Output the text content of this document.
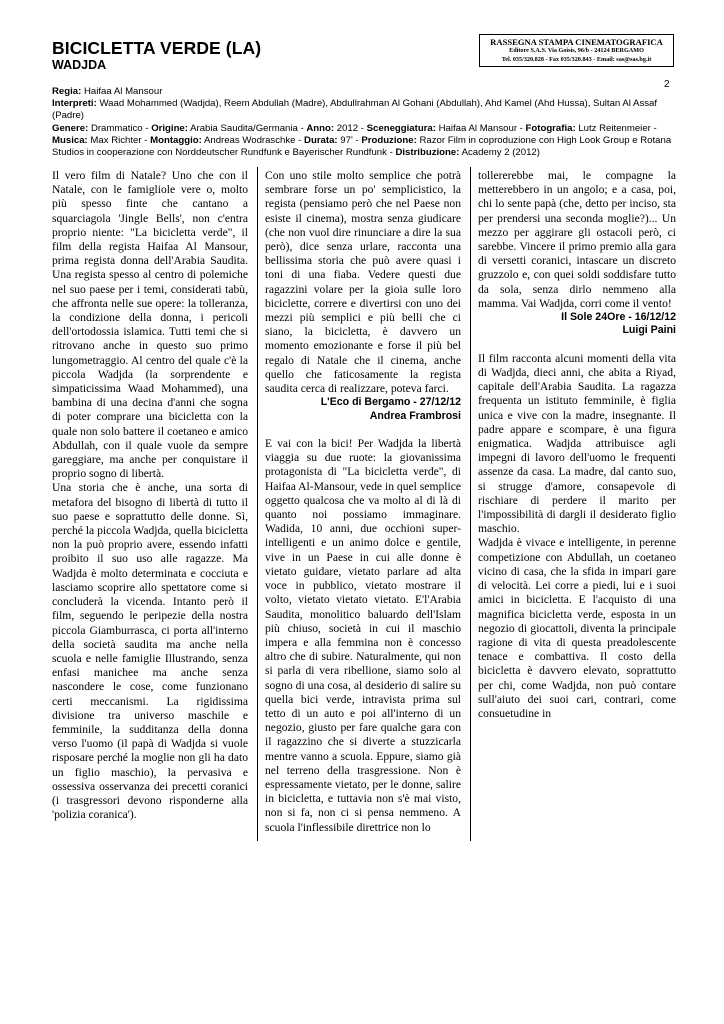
BICICLETTA VERDE (LA)
WADJDA
RASSEGNA STAMPA CINEMATOGRAFICA
Editore S.A.S. Via Goisis, 96/b - 24124 BERGAMO
Tel. 035/320.828 - Fax 035/320.843 - Email: sas@sas.bg.it
2
Regia: Haifaa Al Mansour
Interpreti: Waad Mohammed (Wadjda), Reem Abdullah (Madre), Abdullrahman Al Gohani (Abdullah), Ahd Kamel (Ahd Hussa), Sultan Al Assaf (Padre)
Genere: Drammatico - Origine: Arabia Saudita/Germania - Anno: 2012 - Sceneggiatura: Haifaa Al Mansour - Fotografia: Lutz Reitenmeier -
Musica: Max Richter - Montaggio: Andreas Wodraschke - Durata: 97' - Produzione: Razor Film in coproduzione con High Look Group e Rotana Studios in cooperazione con Norddeutscher Rundfunk e Bayerischer Rundfunk - Distribuzione: Academy 2 (2012)

Il vero film di Natale? Uno che con il Natale, con le famigliole vere o, molto più spesso finte che cantano a squarciagola 'Jingle Bells', non c'entra proprio niente: "La bicicletta verde", il film della regista Haifaa Al Mansour, prima regista donna dell'Arabia Saudita. Una regista spesso al centro di polemiche nel suo paese per i temi, considerati tabù, che affronta nelle sue opere: la tolleranza, la condizione della donna, i pericoli dell'ortodossia islamica. Tutti temi che si ritrovano anche in questo suo primo lungometraggio. Al centro del quale c'è la piccola Wadjda (la sorprendente e simpaticissima Waad Mohammed), una bambina di una decina d'anni che sogna di poter comprare una bicicletta con la quale non solo battere il coetaneo e amico Abdullah, con il quale vuole da sempre gareggiare, ma anche per conquistare il proprio sogno di libertà.

Una storia che è anche, una sorta di metafora del bisogno di libertà di tutto il suo paese e soprattutto delle donne. Sì, perché la piccola Wadjda, quella bicicletta non la può proprio avere, essendo infatti proibito il suo uso alle ragazze. Ma Wadjda è molto determinata e cocciuta e lasciamo scoprire allo spettatore come si concluderà la vicenda. Intanto però il film, seguendo le peripezie della nostra piccola Giamburrasca, ci porta all'interno della società saudita ma anche nella scuola e nelle famiglie Illustrando, senza enfasi manichee ma anche senza nascondere le cose, come funzionano certi meccanismi. La rigidissima divisione tra universo maschile e femminile, la sudditanza della donna verso l'uomo (il papà di Wadjda si vuole risposare perché la moglie non gli ha dato un figlio maschio), la pervasiva e ossessiva osservanza dei precetti coranici (i trasgressori devono risponderne alla 'polizia coranica').

Con uno stile molto semplice che potrà sembrare forse un po' semplicistico, la regista (pensiamo però che nel Paese non esiste il cinema), mostra senza giudicare (che non vuol dire rinunciare a dire la sua però), dice senza urlare, racconta una bellissima storia che può avere quasi i toni di una fiaba. Vedere questi due ragazzini volare per la gioia sulle loro biciclette, correre e divertirsi con uno dei mezzi più semplici e più belli che ci siano, la bicicletta, è davvero un momento emozionante e forse il più bel regalo di Natale che il cinema, anche quello che faticosamente la regista saudita cerca di realizzare, poteva farci.

L'Eco di Bergamo - 27/12/12
Andrea Frambrosi

E vai con la bici! Per Wadjda la libertà viaggia su due ruote: la giovanissima protagonista di "La bicicletta verde", di Haifaa Al-Mansour, vede in quel semplice oggetto qualcosa che va molto al di là di quanto noi possiamo immaginare. Wadida, 10 anni, due occhioni super-intelligenti e un animo dolce e gentile, vive in un Paese in cui alle donne è vietato guidare, vietato parlare ad alta voce in pubblico, vietato mostrare il volto, vietato vietato vietato. E'l'Arabia Saudita, monolitico baluardo dell'Islam più chiuso, società in cui il maschio impera e alla femmina non è concesso altro che di subire. Naturalmente, qui non si parla di vera ribellione, siamo solo al sogno di una cosa, al desiderio di salire su quella bici verde, intravista prima sul tetto di un auto e poi all'interno di un negozio, giusto per fare qualche gara con il ragazzino che si diverte a stuzzicarla mentre vanno a scuola. Eppure, siamo già nel terreno della trasgressione. Non è espressamente vietato, per le donne, salire in bicicletta, e tuttavia non s'è mai visto, non si fa, non ci si pensa nemmeno. A scuola l'inflessibile direttrice non lo

tollererebbe mai, le compagne la metterebbero in un angolo; e a casa, poi, chi lo sente papà (che, detto per inciso, sta per prendersi una seconda moglie?)... Un mezzo per aggirare gli ostacoli però, ci sarebbe. Vincere il primo premio alla gara di versetti coranici, intascare un discreto gruzzolo e, con quei soldi soddisfare tutto da sola, senza dirlo nemmeno alla mamma. Vai Wadjda, corri come il vento!

Il Sole 24Ore - 16/12/12
Luigi Paini

Il film racconta alcuni momenti della vita di Wadjda, dieci anni, che abita a Riyad, capitale dell'Arabia Saudita. La ragazza frequenta un istituto femminile, è figlia unica e vive con la madre, insegnante. Il padre appare e scompare, è una figura enigmatica. Wadjda attribuisce agli impegni di lavoro dell'uomo le frequenti assenze da casa. La madre, dal canto suo, si strugge d'amore, consapevole di rischiare di perdere il marito per l'impossibilità di dargli il desiderato figlio maschio.

Wadjda è vivace e intelligente, in perenne competizione con Abdullah, un coetaneo vicino di casa, che la sfida in impari gare di velocità. Lei corre a piedi, lui e i suoi amici in bicicletta. E l'acquisto di una magnifica bicicletta verde, esposta in un negozio di giocattoli, diventa la principale ragione di vita di questa preadolescente tenace e combattiva. Il costo della bicicletta è davvero elevato, soprattutto per chi, come Wadjda, non può contare sull'aiuto dei suoi cari, contrari, come consuetudine in
